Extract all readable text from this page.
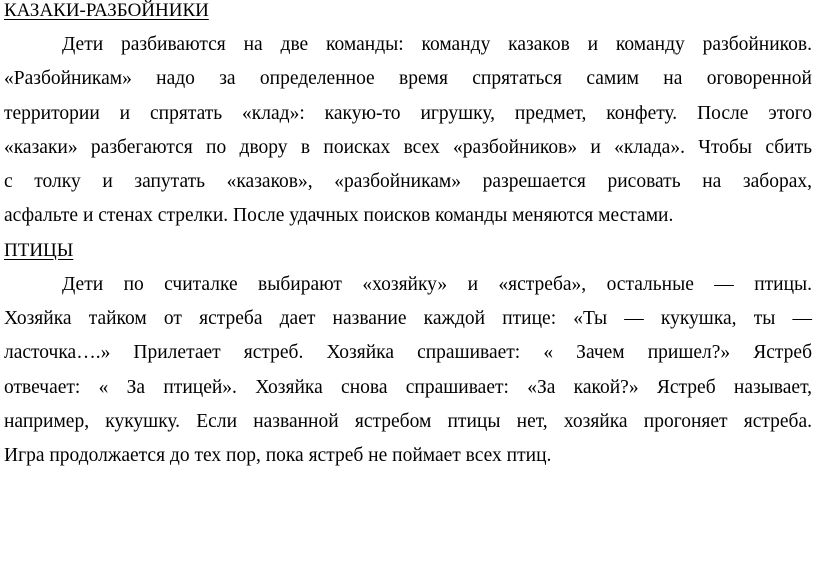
КАЗАКИ-РАЗБОЙНИКИ
Дети разбиваются на две команды: команду казаков и команду разбойников.
«Разбойникам» надо за определенное время спрятаться самим на оговоренной
территории и спрятать «клад»: какую-то игрушку, предмет, конфету. После этого
«казаки» разбегаются по двору в поисках всех «разбойников» и «клада». Чтобы сбить
с толку и запутать «казаков», «разбойникам» разрешается рисовать на заборах,
асфальте и стенах стрелки. После удачных поисков команды меняются местами.
ПТИЦЫ
Дети по считалке выбирают «хозяйку» и «ястреба», остальные — птицы.
Хозяйка тайком от ястреба дает название каждой птице: «Ты — кукушка, ты —
ласточка….» Прилетает ястреб. Хозяйка спрашивает: « Зачем пришел?» Ястреб
отвечает: « За птицей». Хозяйка снова спрашивает: «За какой?» Ястреб называет,
например, кукушку. Если названной ястребом птицы нет, хозяйка прогоняет ястреба.
Игра продолжается до тех пор, пока ястреб не поймает всех птиц.
